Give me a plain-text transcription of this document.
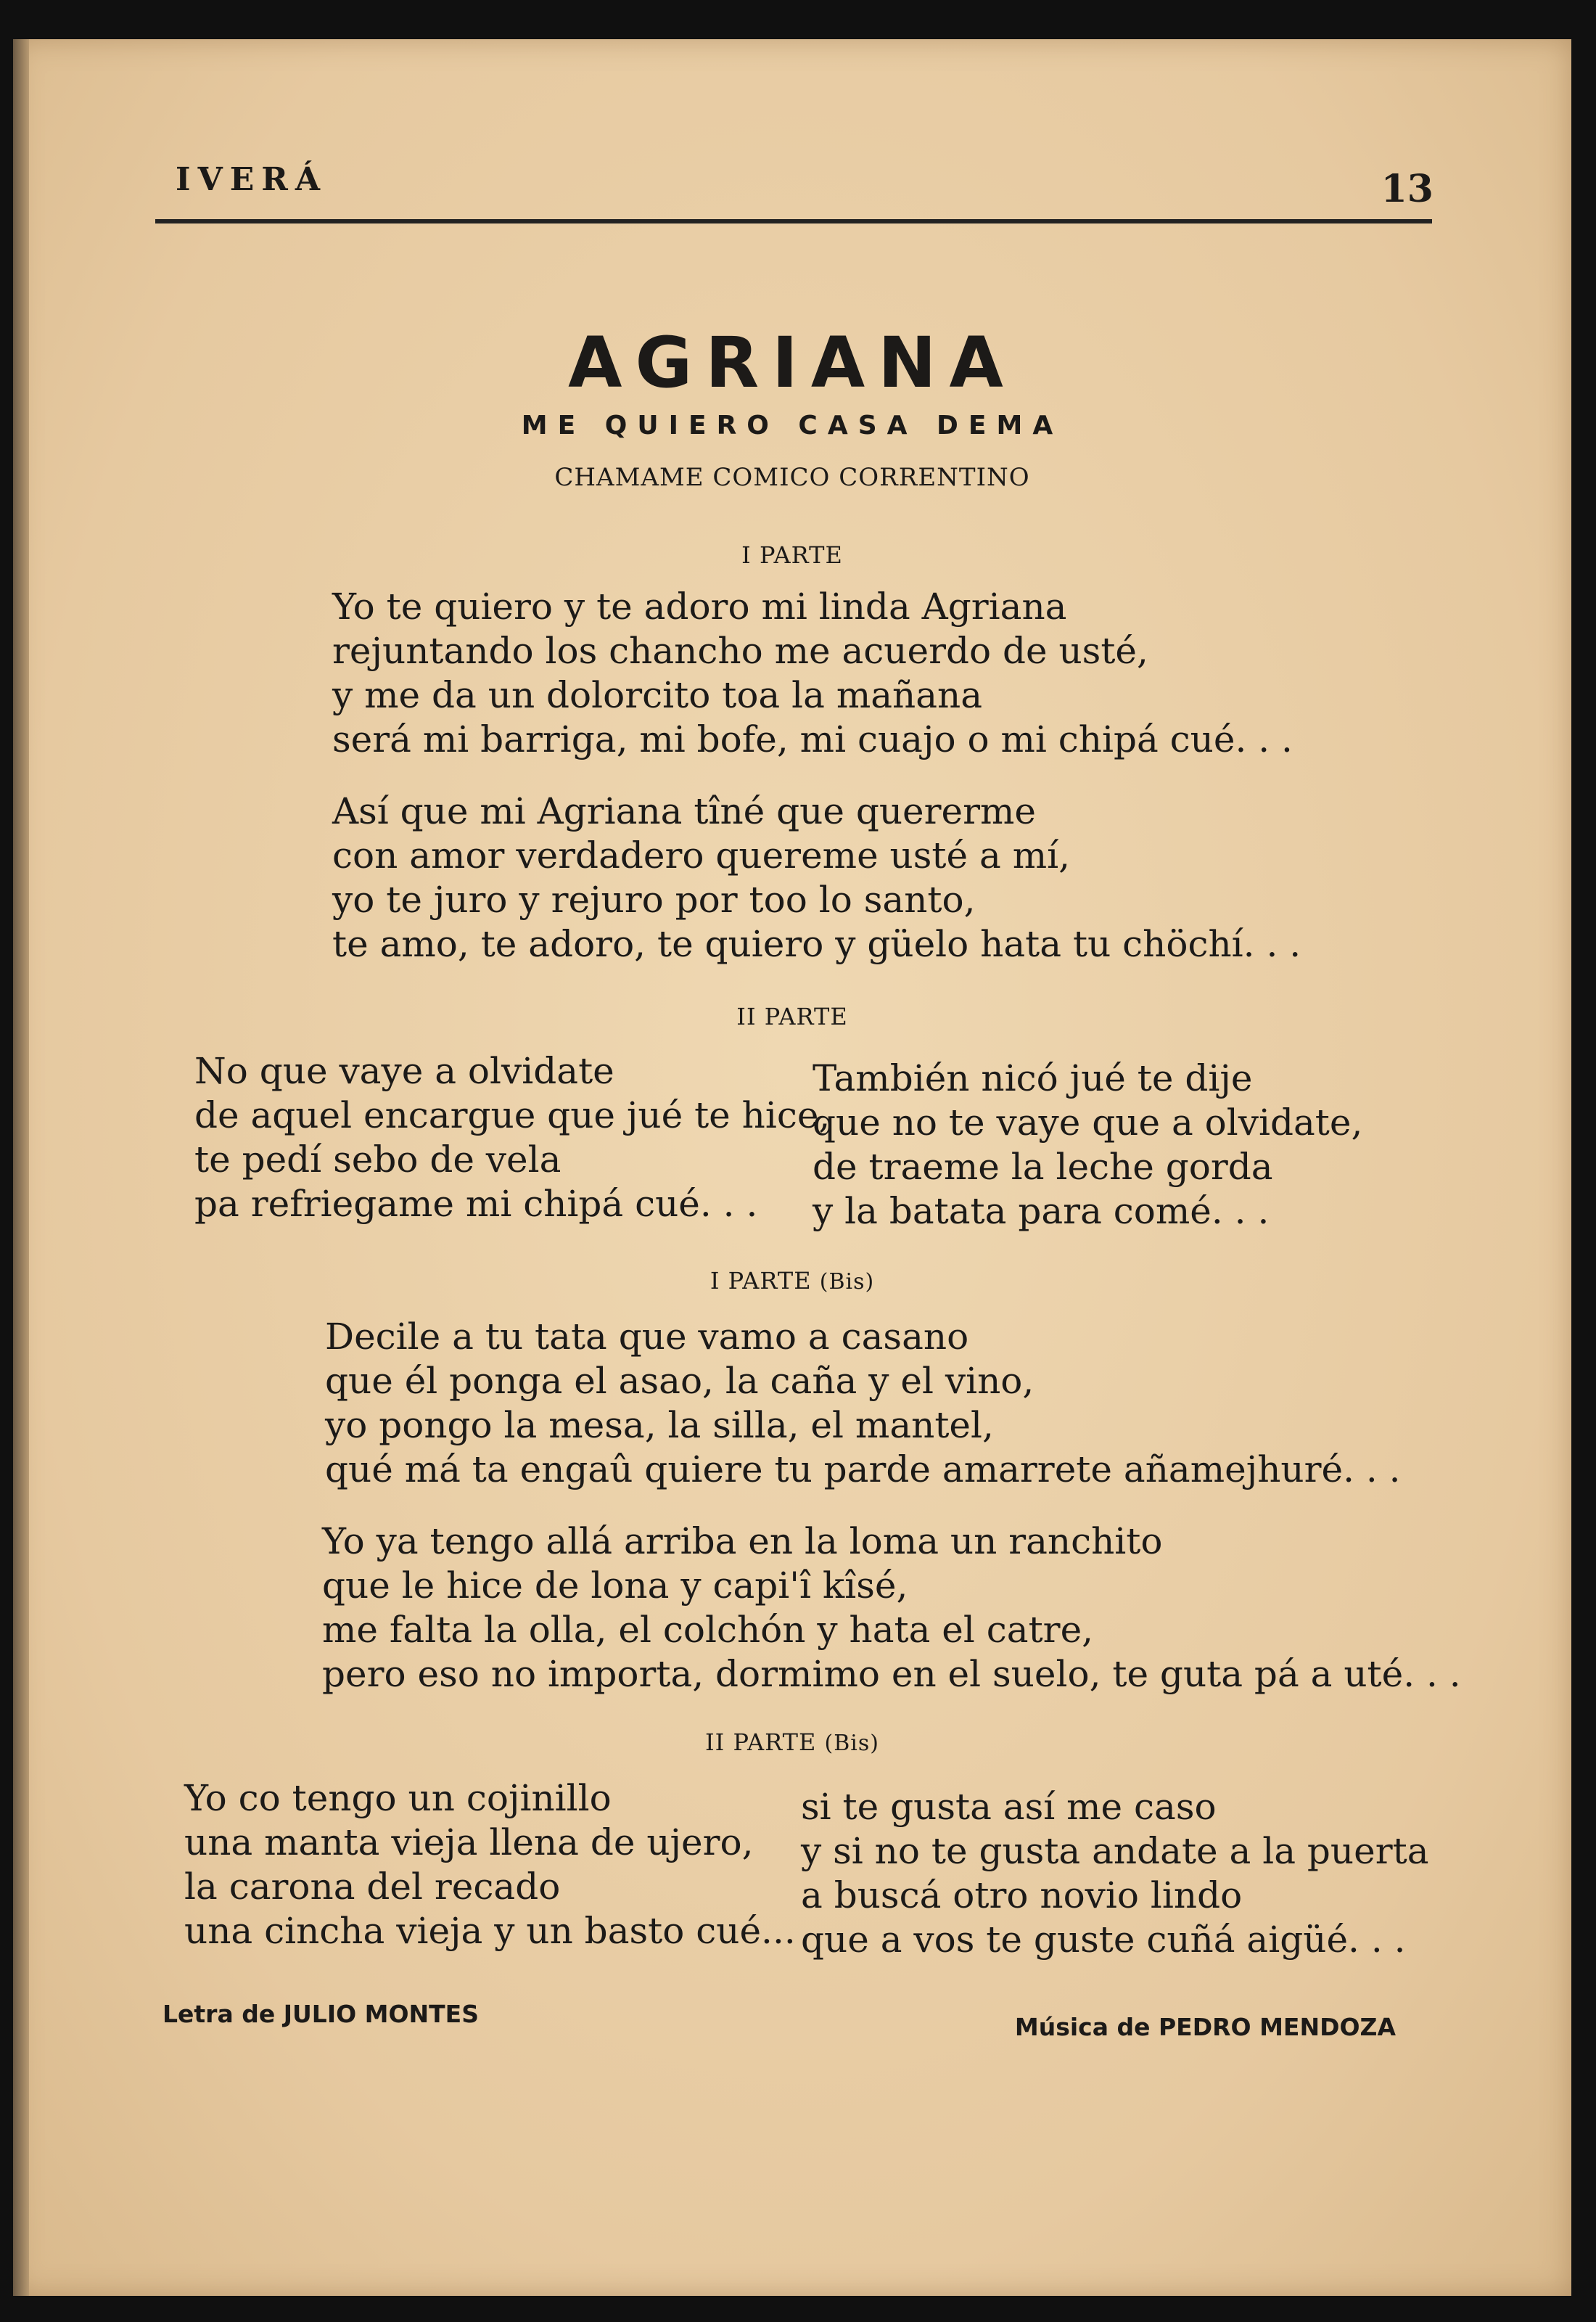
IVERÁ	13
AGRIANA
ME QUIERO CASA DEMA
CHAMAME COMICO CORRENTINO
I PARTE
Yo te quiero y te adoro mi linda Agriana
rejuntando los chancho me acuerdo de usté,
y me da un dolorcito toa la mañana
será mi barriga, mi bofe, mi cuajo o mi chipá cué. . .
Así que mi Agriana tîné que quererme
con amor verdadero quereme usté a mí,
yo te juro y rejuro por too lo santo,
te amo, te adoro, te quiero y güelo hata tu chöchí. . .
II PARTE
No que vaye a olvidate
de aquel encargue que jué te hice,
te pedí sebo de vela
pa refriegame mi chipá cué. . .
También nicó jué te dije
que no te vaye que a olvidate,
de traeme la leche gorda
y la batata para comé. . .
I PARTE (Bis)
Decile a tu tata que vamo a casano
que él ponga el asao, la caña y el vino,
yo pongo la mesa, la silla, el mantel,
qué má ta engaû quiere tu parde amarrete añamejhuré. . .
Yo ya tengo allá arriba en la loma un ranchito
que le hice de lona y capi'î kîsé,
me falta la olla, el colchón y hata el catre,
pero eso no importa, dormimo en el suelo, te guta pá a uté. . .
II PARTE (Bis)
Yo co tengo un cojinillo
una manta vieja llena de ujero,
la carona del recado
una cincha vieja y un basto cué...
si te gusta así me caso
y si no te gusta andate a la puerta
a buscá otro novio lindo
que a vos te guste cuñá aigüé. . .
Letra de JULIO MONTES	Música de PEDRO MENDOZA
